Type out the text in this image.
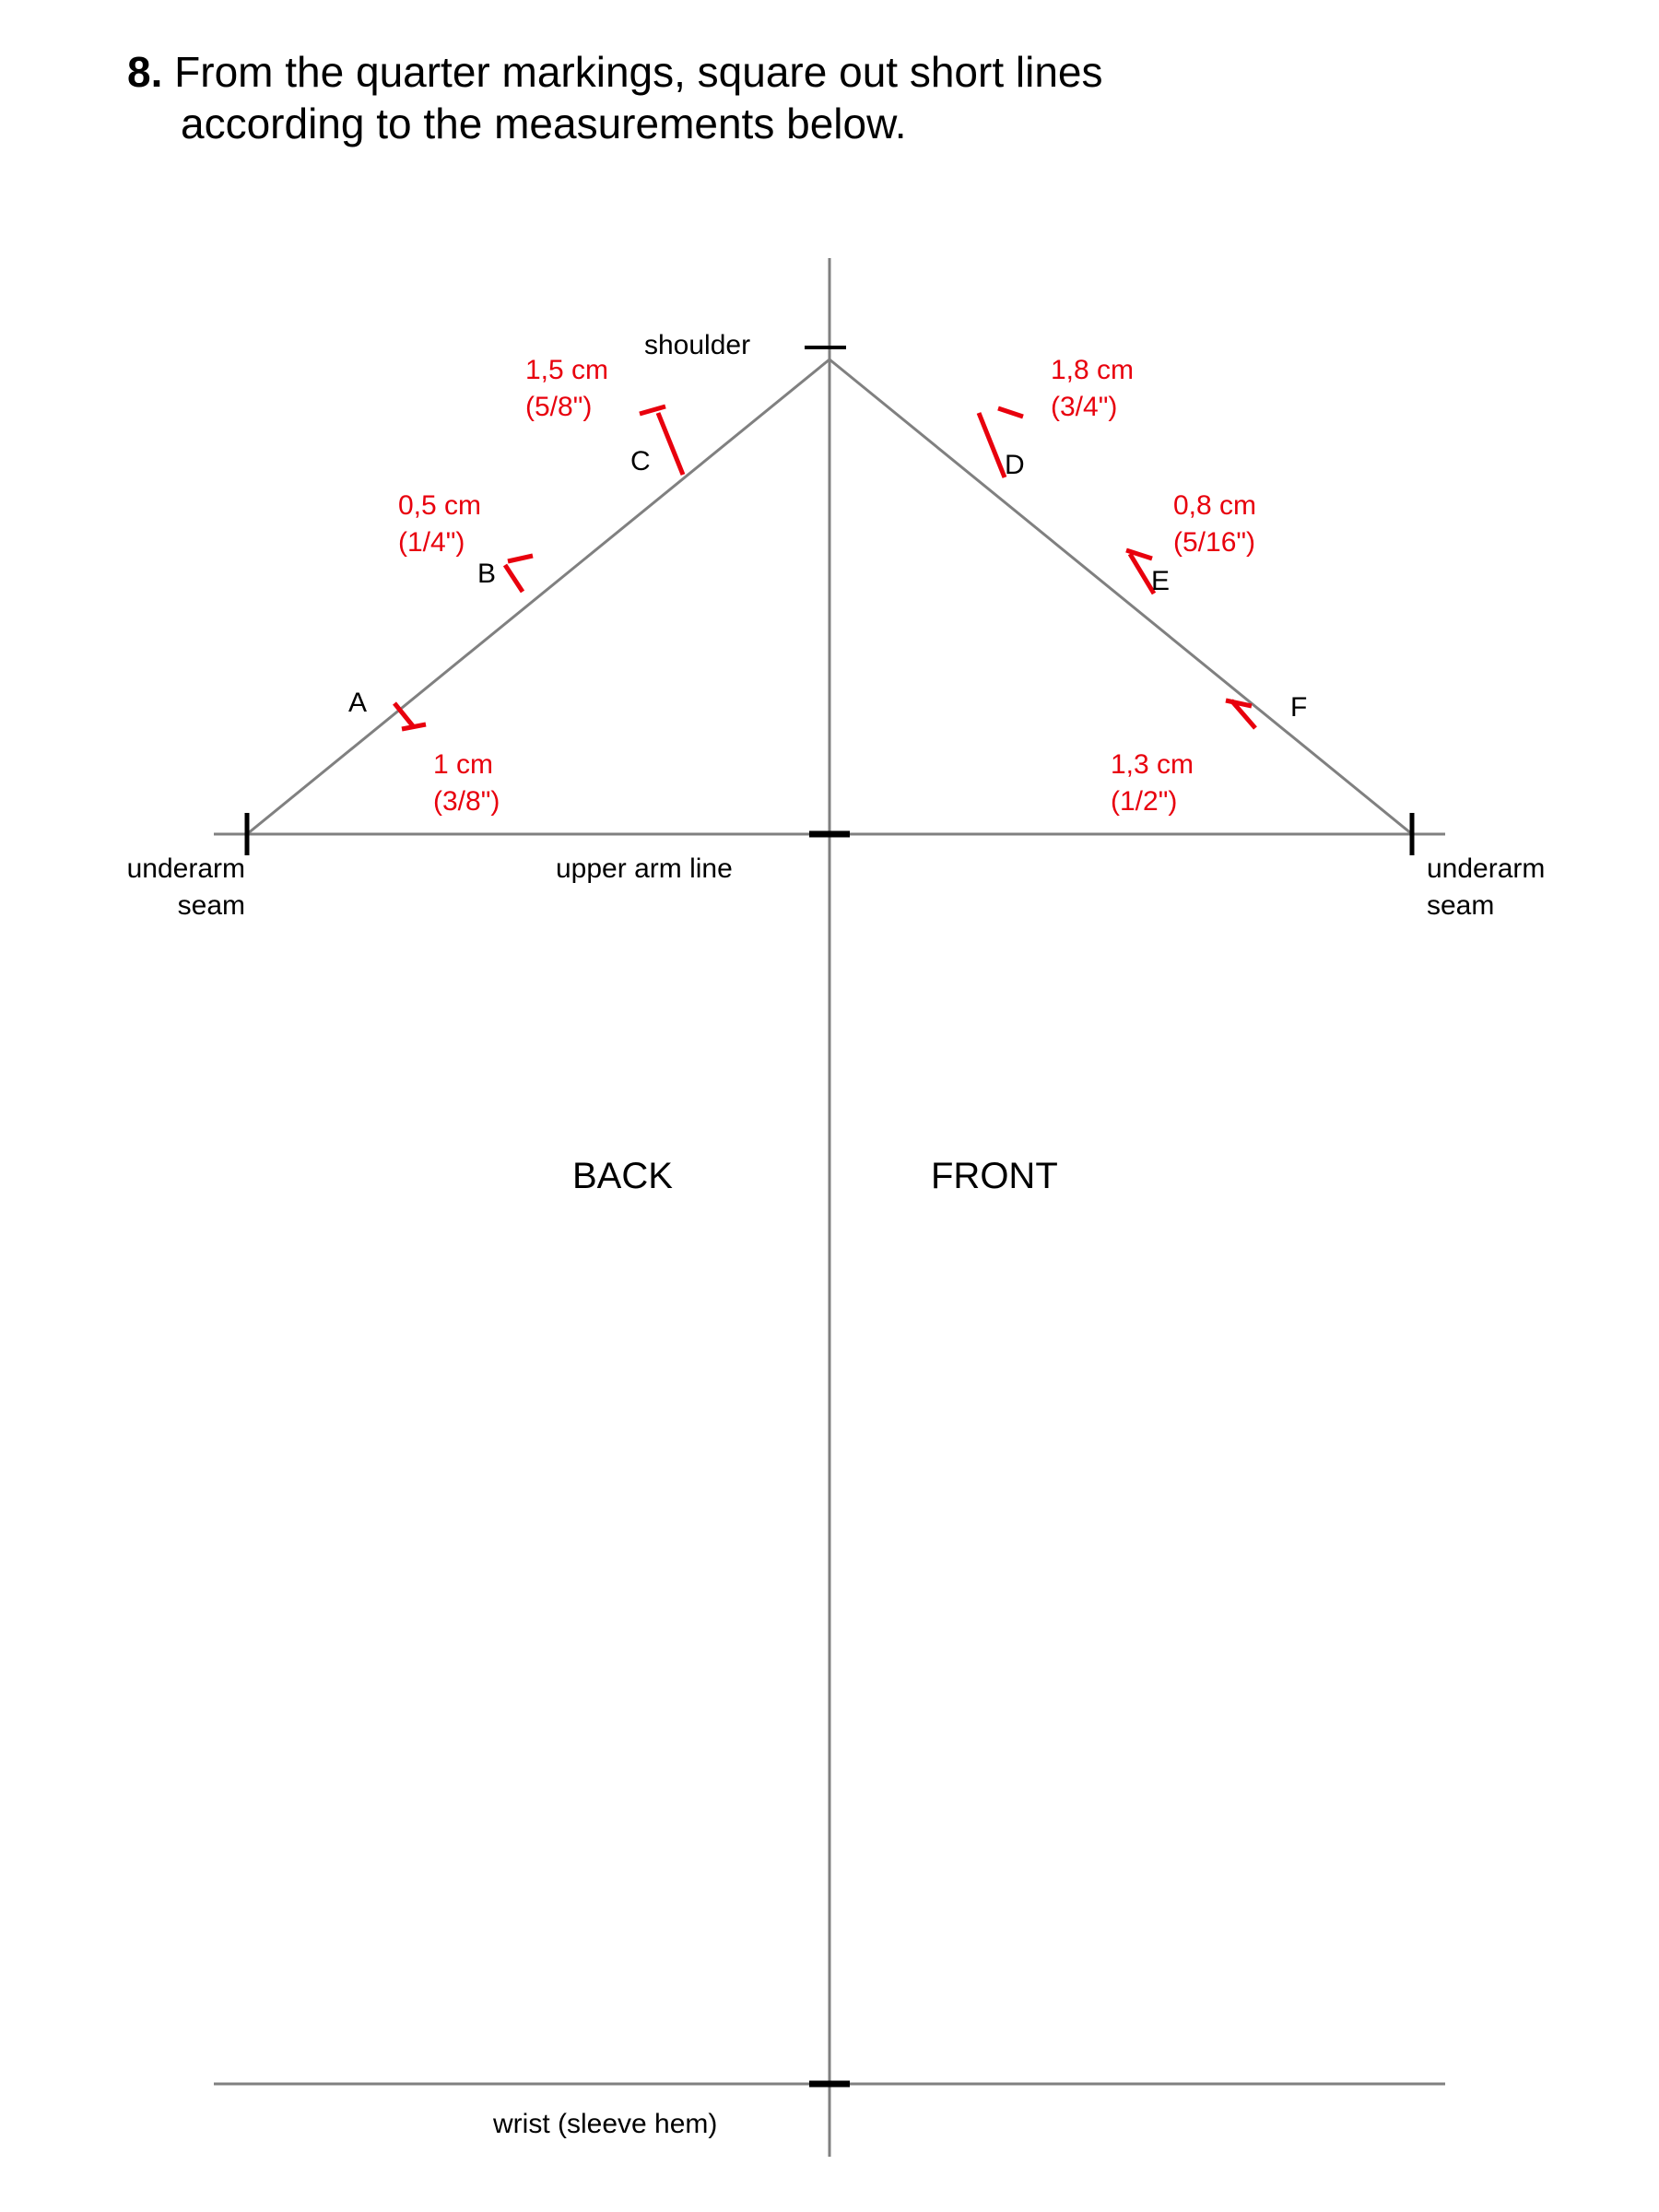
8. From the quarter markings, square out short lines
according to the measurements below.
shoulder
upper arm line
wrist (sleeve hem)
underarm
seam
underarm
seam
BACK	FRONT
A
B
C	D
E
F
1 cm
(3/8")
0,5 cm
(1/4")
1,5 cm
(5/8")
1,8 cm
(3/4")
0,8 cm
(5/16")
1,3 cm
(1/2")
